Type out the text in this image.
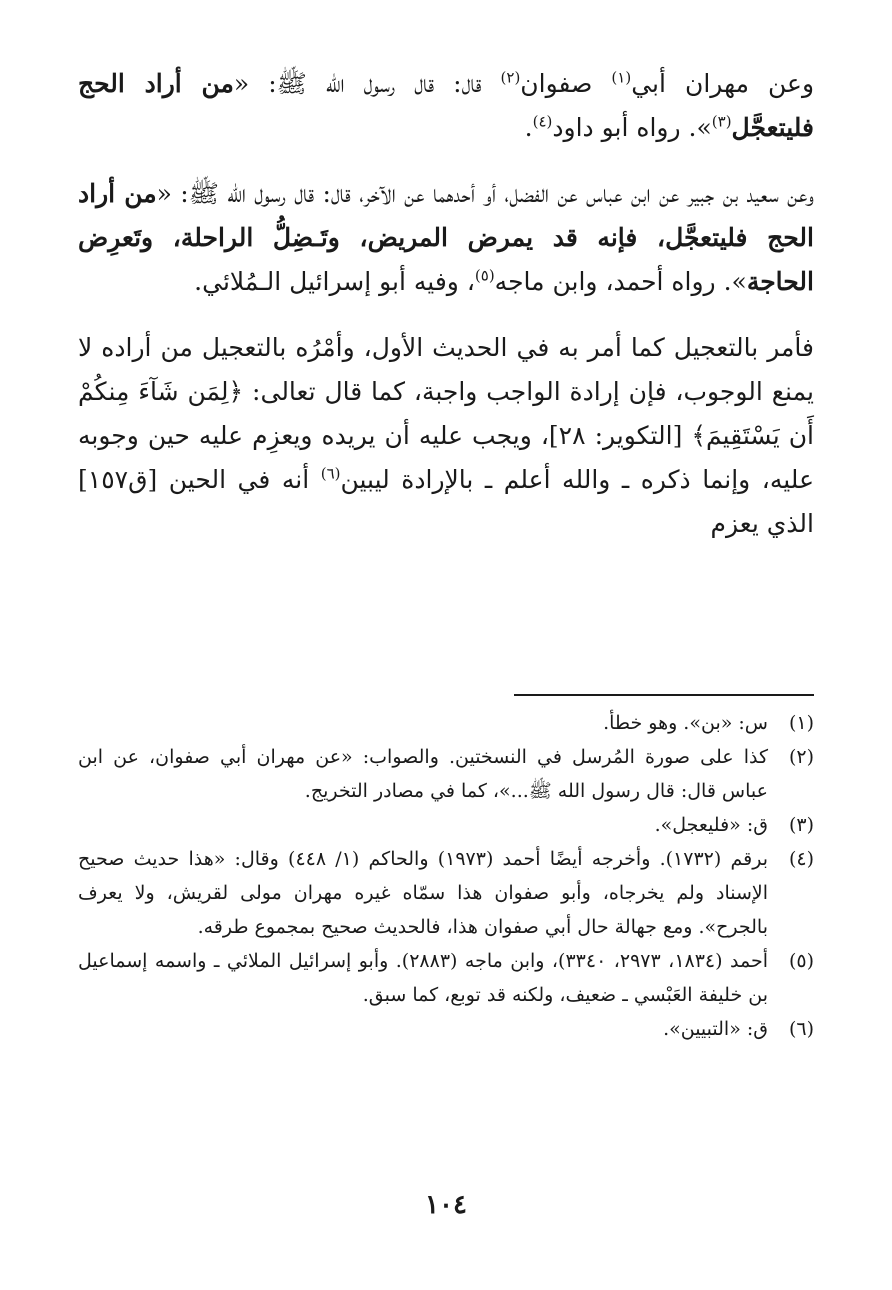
وعن مهران أبي$^{(١)}$ صفوان$^{(٢)}$ قال: قال رسول الله ﷺ: «من أراد الحج فليتعجَّل$^{(٣)}$». رواه أبو داود$^{(٤)}$.

وعن سعيد بن جبير عن ابن عباس عن الفضل، أو أحدهما عن الآخر، قال: قال رسول الله ﷺ: «من أراد الحج فليتعجَّل، فإنه قد يمرض المريض، وتَـضِلُّ الراحلة، وتَعرِض الحاجة». رواه أحمد، وابن ماجه$^{(٥)}$، وفيه أبو إسرائيل الـمُلائي.

فأمر بالتعجيل كما أمر به في الحديث الأول، وأمْرُه بالتعجيل من أراده لا يمنع الوجوب، فإن إرادة الواجب واجبة، كما قال تعالى: ﴿لِمَن شَآءَ مِنكُمْ أَن يَسْتَقِيمَ﴾ [التكوير: ٢٨]، ويجب عليه أن يريده ويعزِم عليه حين وجوبه عليه، وإنما ذكره ـ والله أعلم ـ بالإرادة ليبين$^{(٦)}$ أنه في الحين [ق١٥٧] الذي يعزم

(١)
س: «بن». وهو خطأ.
(٢)
كذا على صورة المُرسل في النسختين. والصواب: «عن مهران أبي صفوان، عن ابن عباس قال: قال رسول الله ﷺ...»، كما في مصادر التخريج.
(٣)
ق: «فليعجل».
(٤)
برقم (١٧٣٢). وأخرجه أيضًا أحمد (١٩٧٣) والحاكم (١/ ٤٤٨) وقال: «هذا حديث صحيح الإسناد ولم يخرجاه، وأبو صفوان هذا سمّاه غيره مهران مولى لقريش، ولا يعرف بالجرح». ومع جهالة حال أبي صفوان هذا، فالحديث صحيح بمجموع طرقه.
(٥)
أحمد (١٨٣٤، ٢٩٧٣، ٣٣٤٠)، وابن ماجه (٢٨٨٣). وأبو إسرائيل الملائي ـ واسمه إسماعيل بن خليفة العَبْسي ـ ضعيف، ولكنه قد توبع، كما سبق.
(٦)
ق: «التبيين».
١٠٤
